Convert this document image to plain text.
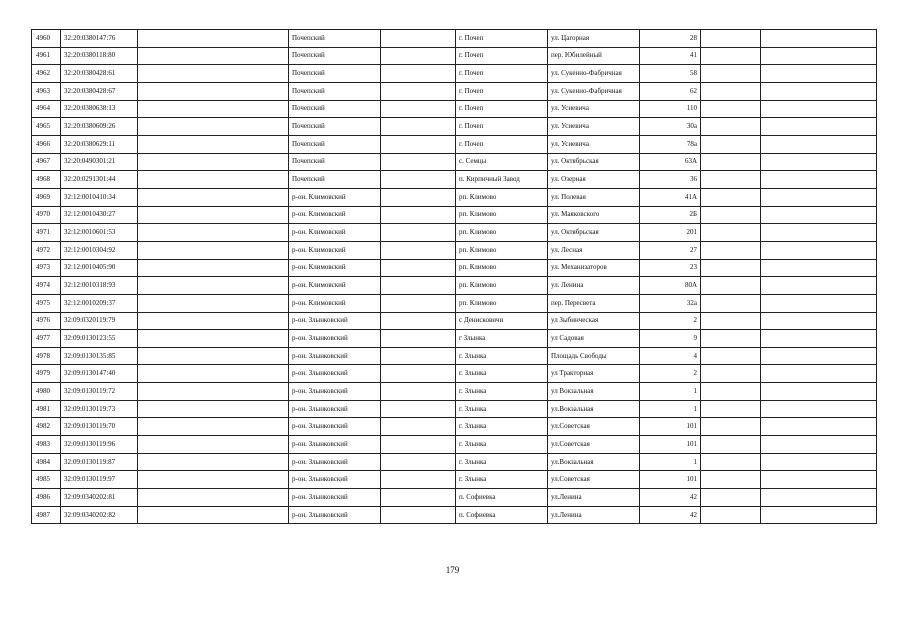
4960	32:20:0380147:76		Почепский		г. Почеп	ул. Цагорная	28		
4961	32:20:0380118:80		Почепский		г. Почеп	пер. Юбилейный	41		
4962	32:20:0380428:61		Почепский		г. Почеп	ул. Сукенно-Фабричная	58		
4963	32:20:0380428:67		Почепский		г. Почеп	ул. Сукенно-Фабричная	62		
4964	32:20:0380638:13		Почепский		г. Почеп	ул. Усиевича	110		
4965	32:20:0380609:26		Почепский		г. Почеп	ул. Усиевича	30а		
4966	32:20:0380629:11		Почепский		г. Почеп	ул. Усиевича	78а		
4967	32:20:0490301:21		Почепский		с. Семцы	ул. Октябрьская	63А		
4968	32:20:0291301:44		Почепский		п. Кирпичный Завод	ул. Озерная	36		
4969	32:12:0010410:34		р-он. Климовский		рп. Климово	ул. Полевая	41А		
4970	32:12:0010430:27		р-он. Климовский		рп. Климово	ул. Маяковского	2Б		
4971	32:12:0010601:53		р-он. Климовский		рп. Климово	ул. Октябрьская	201		
4972	32:12:0010304:92		р-он. Климовский		рп. Климово	ул. Лесная	27		
4973	32:12:0010405:90		р-он. Климовский		рп. Климово	ул. Механизаторов	23		
4974	32:12:0010318:93		р-он. Климовский		рп. Климово	ул. Ленина	80А		
4975	32:12:0010209:37		р-он. Климовский		рп. Климово	пер. Пересвета	32а		
4976	32:09:0320119:79		р-он. Злынковский		с Денисковичи	ул Зыбинческая	2		
4977	32:09:0130123:55		р-он. Злынковский		г Злынка	ул Садовая	9		
4978	32:09:0130135:85		р-он. Злынковский		г. Злынка	Площадь Свободы	4		
4979	32:09:0130147:40		р-он. Злынковский		г. Злынка	ул Тракторная	2		
4980	32:09:0130119:72		р-он. Злынковский		г. Злынка	ул Вокзальная	1		
4981	32:09:0130119:73		р-он. Злынковский		г. Злынка	ул.Вокзальная	1		
4982	32:09:0130119:70		р-он. Злынковский		г. Злынка	ул.Советская	101		
4983	32:09:0130119:96		р-он. Злынковский		г. Злынка	ул.Советская	101		
4984	32:09:0130119:87		р-он. Злынковский		г. Злынка	ул.Вокзальная	1		
4985	32:09:0130119:97		р-он. Злынковский		г. Злынка	ул.Советская	101		
4986	32:09:0340202:81		р-он. Злынковский		п. Софиевка	ул.Ленина	42		
4987	32:09:0340202:82		р-он. Злынковский		п. Софиевка	ул.Ленина	42		
179
